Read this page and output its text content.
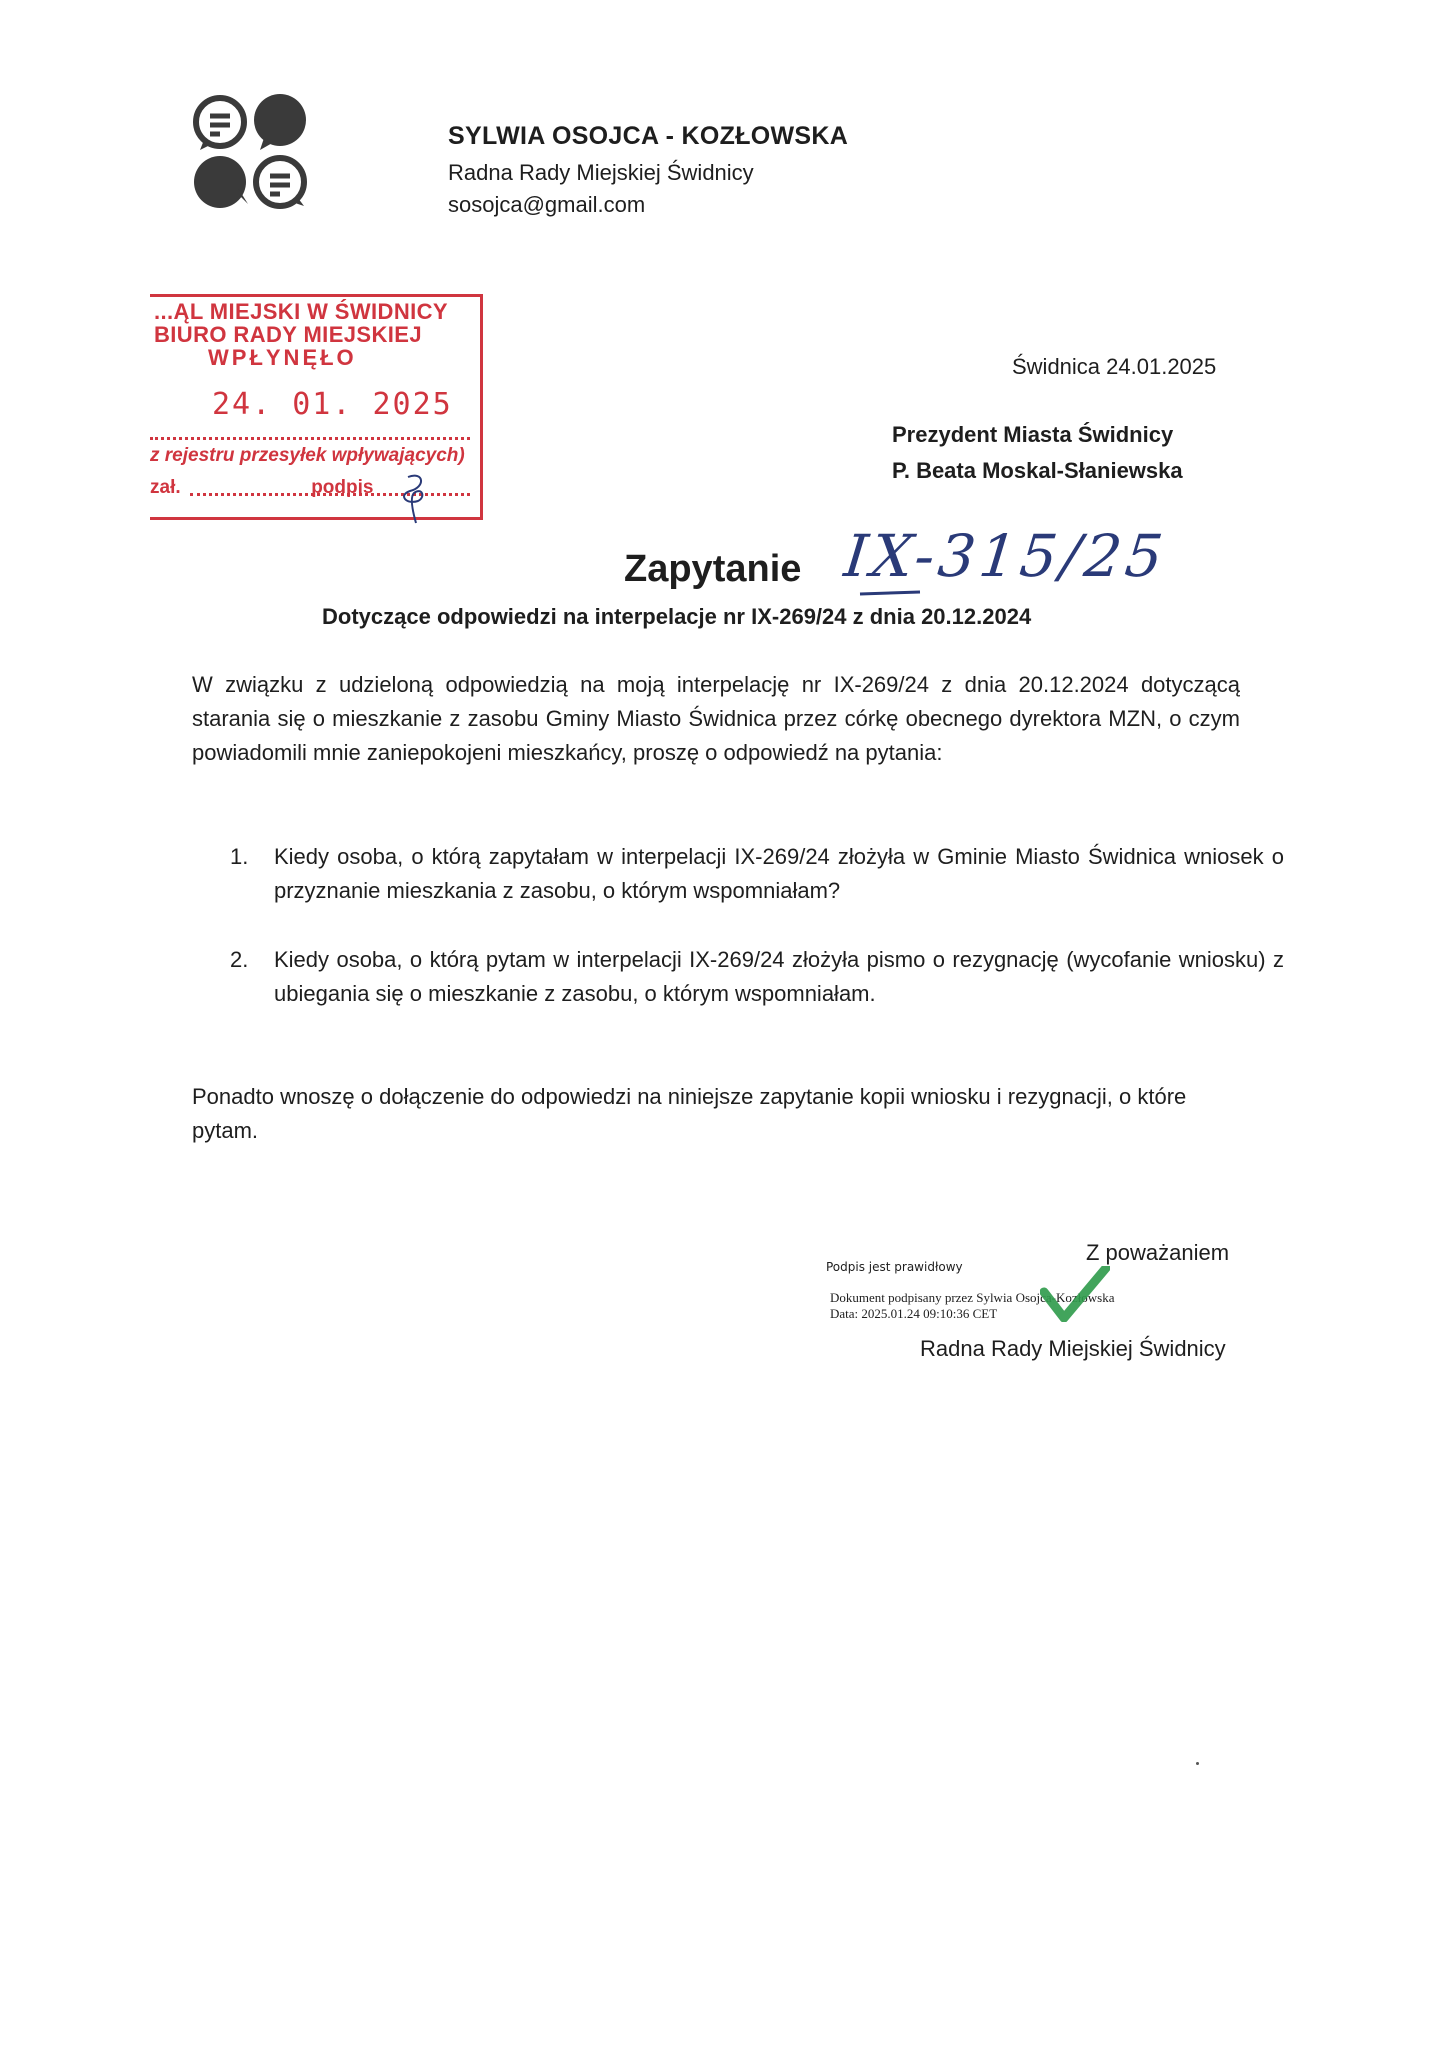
SYLWIA OSOJCA - KOZŁOWSKA
Radna Rady Miejskiej Świdnicy
sosojca@gmail.com
...ĄL MIEJSKI W ŚWIDNICY
BIURO RADY MIEJSKIEJ
WPŁYNĘŁO
24. 01. 2025
z rejestru przesyłek wpływających)
zał.	podpis
Świdnica 24.01.2025
Prezydent Miasta Świdnicy
P. Beata Moskal-Słaniewska
Zapytanie IX-315/25
Dotyczące odpowiedzi na interpelacje nr IX-269/24 z dnia 20.12.2024
W związku z udzieloną odpowiedzią na moją interpelację nr IX-269/24 z dnia 20.12.2024 dotyczącą starania się o mieszkanie z zasobu Gminy Miasto Świdnica przez córkę obecnego dyrektora MZN, o czym powiadomili mnie zaniepokojeni mieszkańcy, proszę o odpowiedź na pytania:
1. Kiedy osoba, o którą zapytałam w interpelacji IX-269/24 złożyła w Gminie Miasto Świdnica wniosek o przyznanie mieszkania z zasobu, o którym wspomniałam?
2. Kiedy osoba, o którą pytam w interpelacji IX-269/24 złożyła pismo o rezygnację (wycofanie wniosku) z ubiegania się o mieszkanie z zasobu, o którym wspomniałam.
Ponadto wnoszę o dołączenie do odpowiedzi na niniejsze zapytanie kopii wniosku i rezygnacji, o które pytam.
Z poważaniem
Podpis jest prawidłowy
Dokument podpisany przez Sylwia Osojca-Kozłowska
Data: 2025.01.24 09:10:36 CET
Radna Rady Miejskiej Świdnicy
